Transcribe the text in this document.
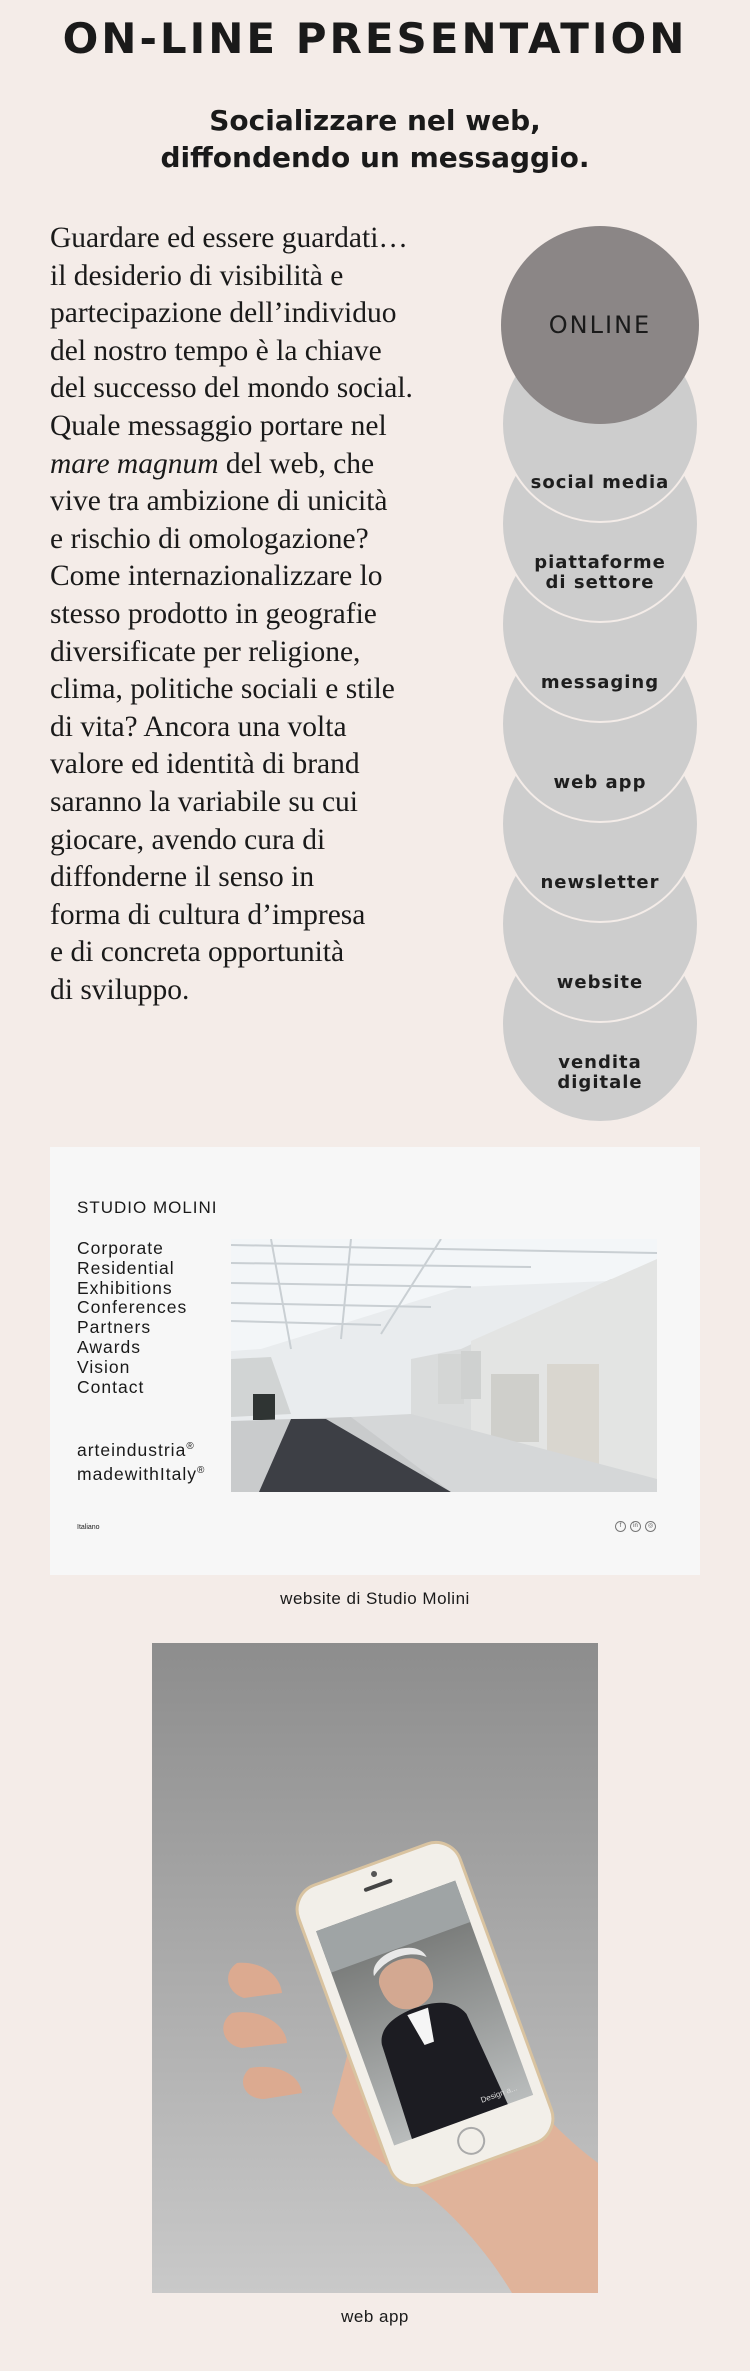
ON-LINE PRESENTATION
Socializzare nel web,
diffondendo un messaggio.
Guardare ed essere guardati…
il desiderio di visibilità e
partecipazione dell’individuo
del nostro tempo è la chiave
del successo del mondo social.
Quale messaggio portare nel
mare magnum del web, che
vive tra ambizione di unicità
e rischio di omologazione?
Come internazionalizzare lo
stesso prodotto in geografie
diversificate per religione,
clima, politiche sociali e stile
di vita? Ancora una volta
valore ed identità di brand
saranno la variabile su cui
giocare, avendo cura di
diffonderne il senso in
forma di cultura d’impresa
e di concreta opportunità
di sviluppo.
ONLINE
social media
piattaforme
di settore
messaging
web app
newsletter
website
vendita
digitale
STUDIO MOLINI
Corporate
Residential
Exhibitions
Conferences
Partners
Awards
Vision
Contact
arteindustria®
madewithItaly®
Italiano	f	in	◎
website di Studio Molini
Design a...
web app
